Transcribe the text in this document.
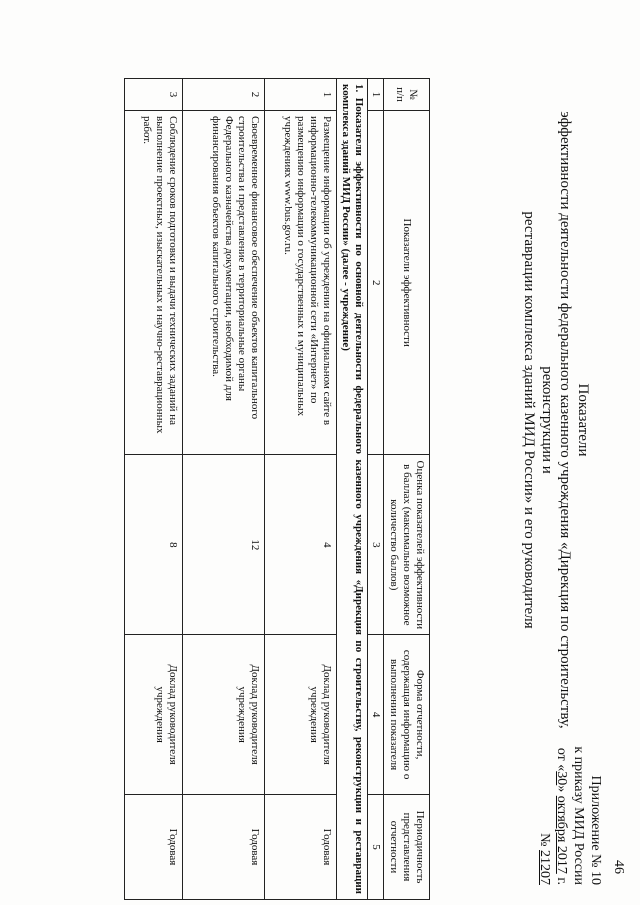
46
Приложение № 10
к приказу МИД России
от «30» октября 2017 г.
№ 21207
Показатели
эффективности деятельности федерального казенного учреждения «Дирекция по строительству, реконструкции и
реставрации комплекса зданий МИД России» и его руководителя
№ п/п	Показатели эффективности	Оценка показателей эффективности в баллах (максимально возможное количество баллов)	Форма отчетности, содержащая информацию о выполнении показателя	Периодичность представления отчетности
1	2	3	4	5
1. Показатели эффективности по основной деятельности федерального казенного учреждения «Дирекция по строительству, реконструкции и реставрации комплекса зданий МИД России» (далее - учреждение)				
1	Размещение информации об учреждении на официальном сайте в информационно-телекоммуникационной сети «Интернет» по размещению информации о государственных и муниципальных учреждениях www.bus.gov.ru.	4	Доклад руководителя учреждения	Годовая
2	Своевременное финансовое обеспечение объектов капитального строительства и представление в территориальные органы Федерального казначейства документации, необходимой для финансирования объектов капитального строительства.	12	Доклад руководителя учреждения	Годовая
3	Соблюдение сроков подготовки и выдачи технических заданий на выполнение проектных, изыскательных и научно-реставрационных работ.	8	Доклад руководителя учреждения	Годовая
